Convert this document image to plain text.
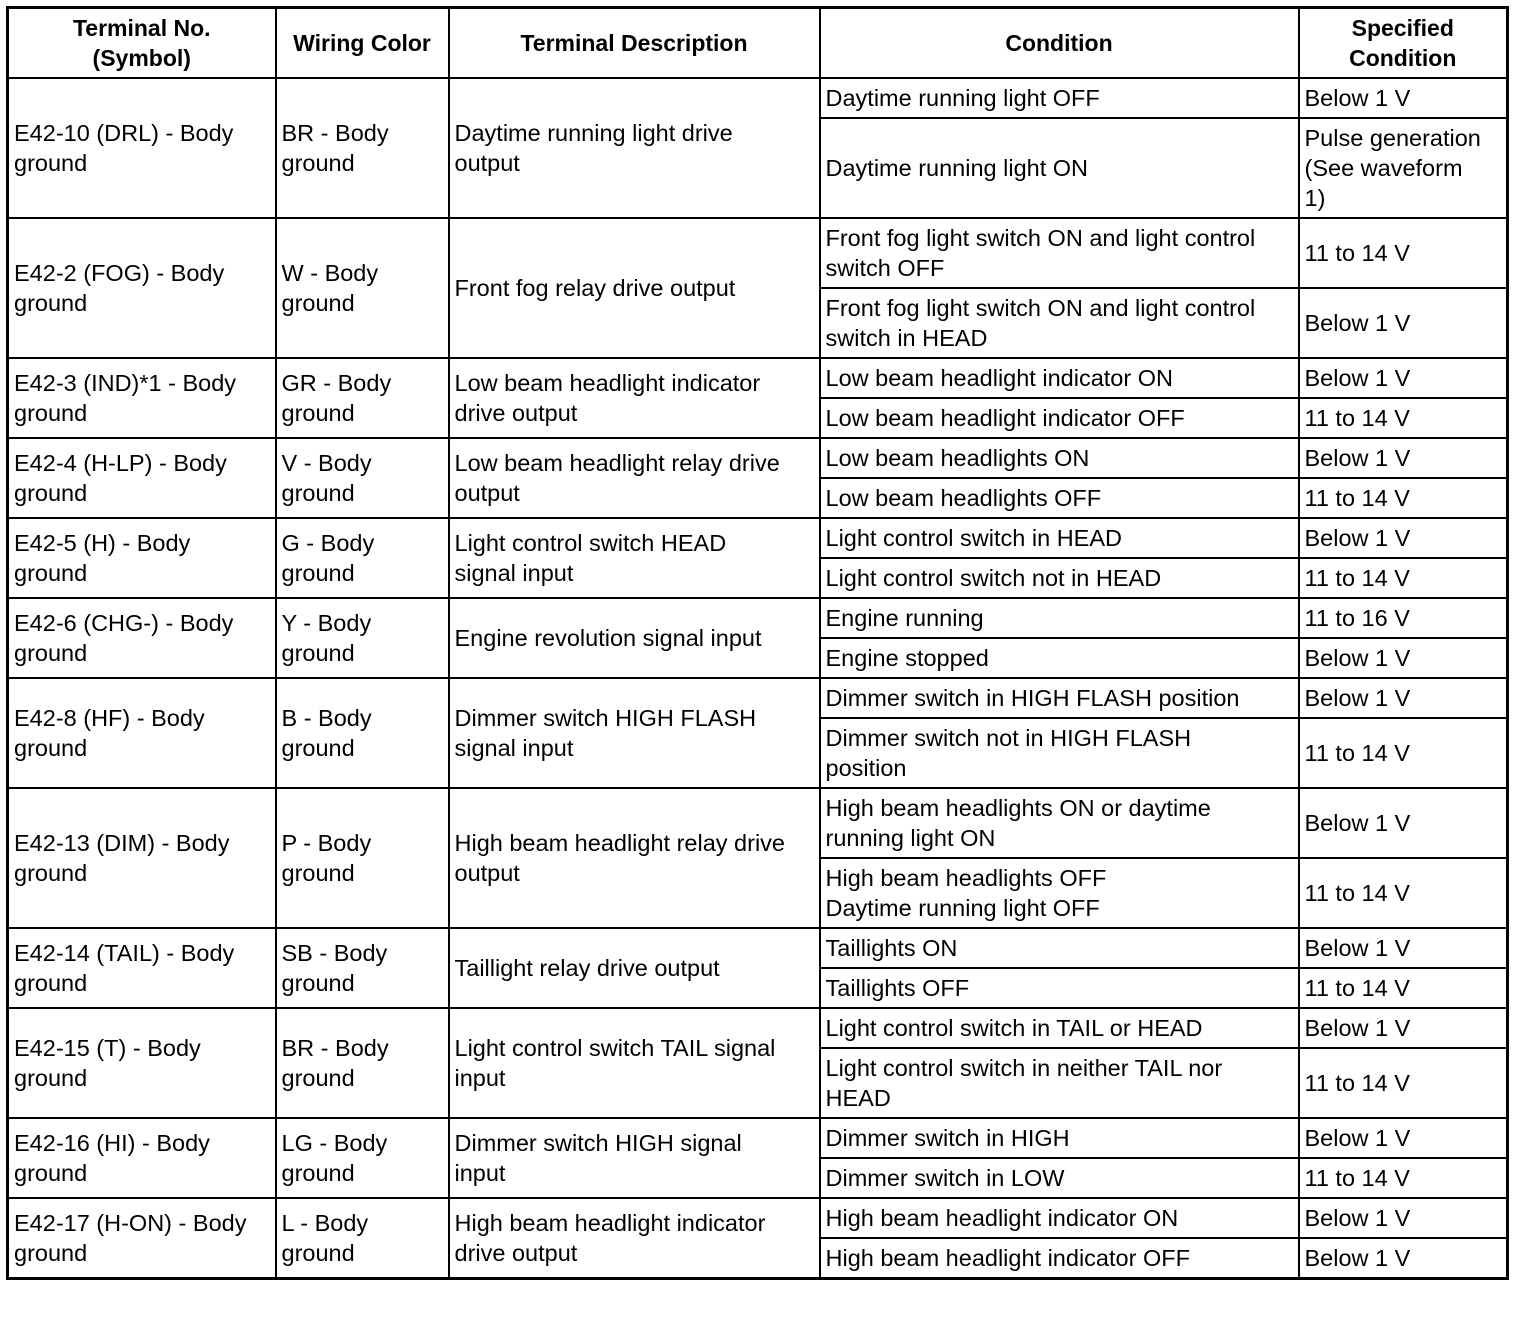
Terminal No.
(Symbol)	Wiring Color	Terminal Description	Condition	Specified
Condition
E42-10 (DRL) - Body
ground	BR - Body
ground	Daytime running light drive
output	Daytime running light OFF	Below 1 V
			Daytime running light ON	Pulse generation
(See waveform
1)
E42-2 (FOG) - Body
ground	W - Body
ground	Front fog relay drive output	Front fog light switch ON and light control
switch OFF	11 to 14 V
			Front fog light switch ON and light control
switch in HEAD	Below 1 V
E42-3 (IND)*1 - Body
ground	GR - Body
ground	Low beam headlight indicator
drive output	Low beam headlight indicator ON	Below 1 V
			Low beam headlight indicator OFF	11 to 14 V
E42-4 (H-LP) - Body
ground	V - Body
ground	Low beam headlight relay drive
output	Low beam headlights ON	Below 1 V
			Low beam headlights OFF	11 to 14 V
E42-5 (H) - Body
ground	G - Body
ground	Light control switch HEAD
signal input	Light control switch in HEAD	Below 1 V
			Light control switch not in HEAD	11 to 14 V
E42-6 (CHG-) - Body
ground	Y - Body
ground	Engine revolution signal input	Engine running	11 to 16 V
			Engine stopped	Below 1 V
E42-8 (HF) - Body
ground	B - Body
ground	Dimmer switch HIGH FLASH
signal input	Dimmer switch in HIGH FLASH position	Below 1 V
			Dimmer switch not in HIGH FLASH
position	11 to 14 V
E42-13 (DIM) - Body
ground	P - Body
ground	High beam headlight relay drive
output	High beam headlights ON or daytime
running light ON	Below 1 V
			High beam headlights OFF
Daytime running light OFF	11 to 14 V
E42-14 (TAIL) - Body
ground	SB - Body
ground	Taillight relay drive output	Taillights ON	Below 1 V
			Taillights OFF	11 to 14 V
E42-15 (T) - Body
ground	BR - Body
ground	Light control switch TAIL signal
input	Light control switch in TAIL or HEAD	Below 1 V
			Light control switch in neither TAIL nor
HEAD	11 to 14 V
E42-16 (HI) - Body
ground	LG - Body
ground	Dimmer switch HIGH signal
input	Dimmer switch in HIGH	Below 1 V
			Dimmer switch in LOW	11 to 14 V
E42-17 (H-ON) - Body
ground	L - Body
ground	High beam headlight indicator
drive output	High beam headlight indicator ON	Below 1 V
			High beam headlight indicator OFF	Below 1 V
